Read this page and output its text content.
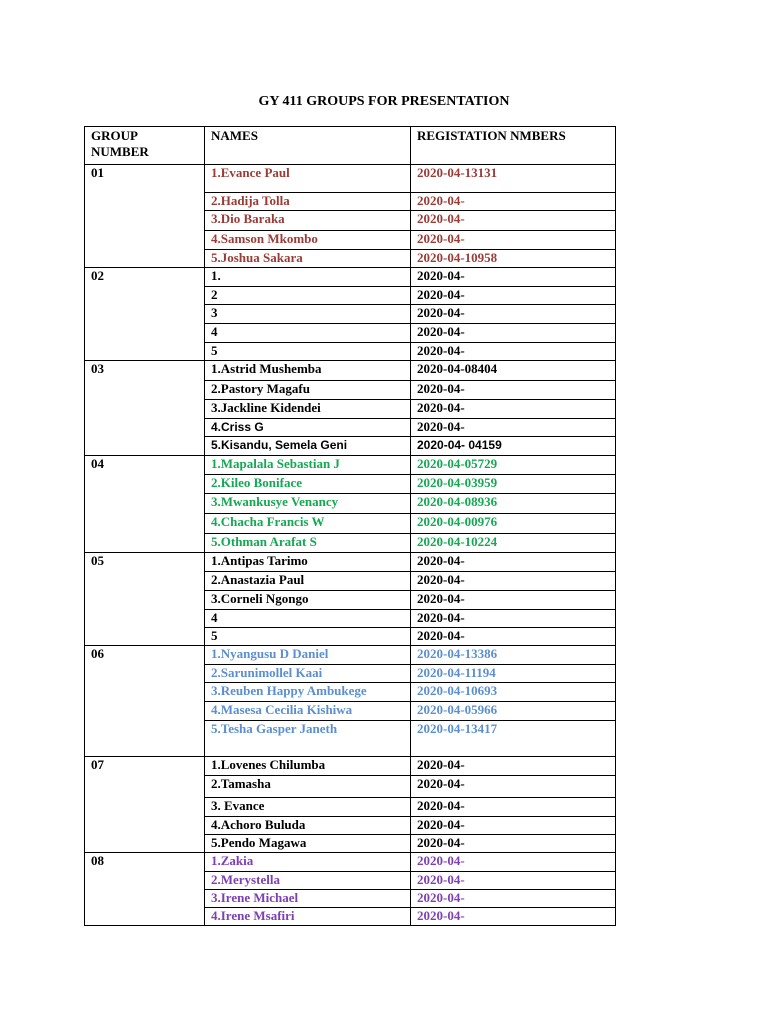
GY 411 GROUPS FOR PRESENTATION
GROUP NUMBER	NAMES	REGISTATION NMBERS
01	1.Evance Paul	2020-04-13131
	2.Hadija Tolla	2020-04-
	3.Dio Baraka	2020-04-
	4.Samson Mkombo	2020-04-
	5.Joshua Sakara	2020-04-10958
02	1.	2020-04-
	2	2020-04-
	3	2020-04-
	4	2020-04-
	5	2020-04-
03	1.Astrid Mushemba	2020-04-08404
	2.Pastory Magafu	2020-04-
	3.Jackline Kidendei	2020-04-
	4.Criss G	2020-04-
	5.Kisandu, Semela Geni	2020-04- 04159
04	1.Mapalala Sebastian J	2020-04-05729
	2.Kileo Boniface	2020-04-03959
	3.Mwankusye Venancy	2020-04-08936
	4.Chacha Francis W	2020-04-00976
	5.Othman Arafat S	2020-04-10224
05	1.Antipas Tarimo	2020-04-
	2.Anastazia Paul	2020-04-
	3.Corneli Ngongo	2020-04-
	4	2020-04-
	5	2020-04-
06	1.Nyangusu D Daniel	2020-04-13386
	2.Sarunimollel Kaai	2020-04-11194
	3.Reuben Happy Ambukege	2020-04-10693
	4.Masesa Cecilia Kishiwa	2020-04-05966
	5.Tesha Gasper Janeth	2020-04-13417
07	1.Lovenes Chilumba	2020-04-
	2.Tamasha	2020-04-
	3. Evance	2020-04-
	4.Achoro Buluda	2020-04-
	5.Pendo Magawa	2020-04-
08	1.Zakia	2020-04-
	2.Merystella	2020-04-
	3.Irene Michael	2020-04-
	4.Irene Msafiri	2020-04-
